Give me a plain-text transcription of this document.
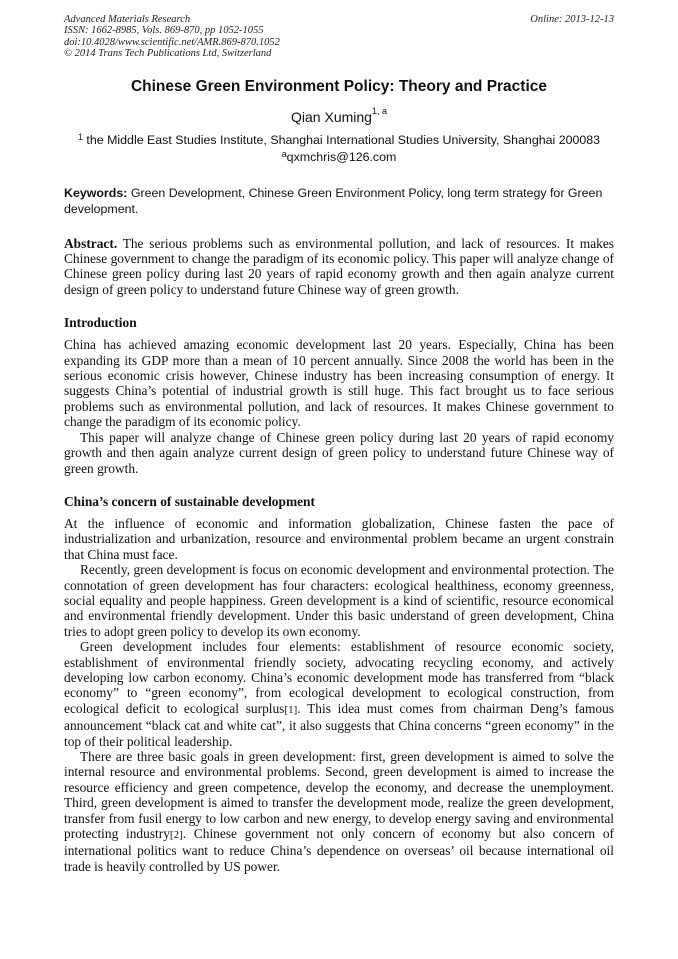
Advanced Materials Research
ISSN: 1662-8985, Vols. 869-870, pp 1052-1055
doi:10.4028/www.scientific.net/AMR.869-870.1052
© 2014 Trans Tech Publications Ltd, Switzerland
Online: 2013-12-13
Chinese Green Environment Policy: Theory and Practice
Qian Xuming$^{1, a}$
$^1$ the Middle East Studies Institute, Shanghai International Studies University, Shanghai 200083
$^a$qxmchris@126.com
Keywords: Green Development, Chinese Green Environment Policy, long term strategy for Green development.

Abstract. The serious problems such as environmental pollution, and lack of resources. It makes Chinese government to change the paradigm of its economic policy. This paper will analyze change of Chinese green policy during last 20 years of rapid economy growth and then again analyze current design of green policy to understand future Chinese way of green growth.

Introduction

China has achieved amazing economic development last 20 years. Especially, China has been expanding its GDP more than a mean of 10 percent annually. Since 2008 the world has been in the serious economic crisis however, Chinese industry has been increasing consumption of energy. It suggests China’s potential of industrial growth is still huge. This fact brought us to face serious problems such as environmental pollution, and lack of resources. It makes Chinese government to change the paradigm of its economic policy.

This paper will analyze change of Chinese green policy during last 20 years of rapid economy growth and then again analyze current design of green policy to understand future Chinese way of green growth.

China’s concern of sustainable development

At the influence of economic and information globalization, Chinese fasten the pace of industrialization and urbanization, resource and environmental problem became an urgent constrain that China must face.

Recently, green development is focus on economic development and environmental protection. The connotation of green development has four characters: ecological healthiness, economy greenness, social equality and people happiness. Green development is a kind of scientific, resource economical and environmental friendly development. Under this basic understand of green development, China tries to adopt green policy to develop its own economy.

Green development includes four elements: establishment of resource economic society, establishment of environmental friendly society, advocating recycling economy, and actively developing low carbon economy. China’s economic development mode has transferred from “black economy” to “green economy”, from ecological development to ecological construction, from ecological deficit to ecological surplus[1]. This idea must comes from chairman Deng’s famous announcement “black cat and white cat”, it also suggests that China concerns “green economy” in the top of their political leadership.

There are three basic goals in green development: first, green development is aimed to solve the internal resource and environmental problems. Second, green development is aimed to increase the resource efficiency and green competence, develop the economy, and decrease the unemployment. Third, green development is aimed to transfer the development mode, realize the green development, transfer from fusil energy to low carbon and new energy, to develop energy saving and environmental protecting industry[2]. Chinese government not only concern of economy but also concern of international politics want to reduce China’s dependence on overseas’ oil because international oil trade is heavily controlled by US power.
